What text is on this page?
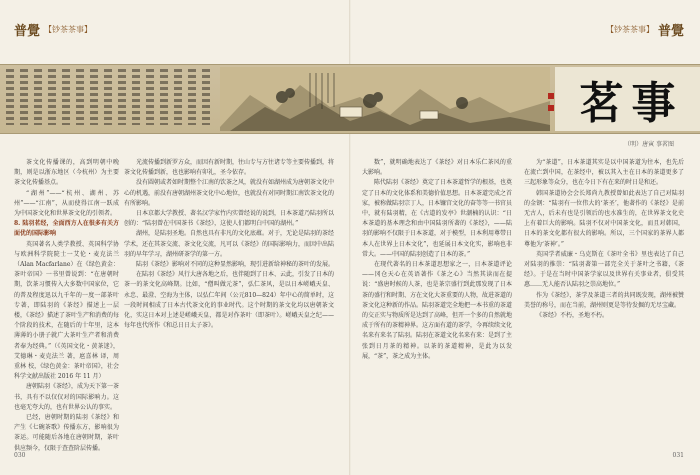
普覺 【钞茶茶事】	【钞茶茶事】 普覺
茗 事
（明）唐寅 事茗图

茶文化传播课的，高到明朝中晚期，则是以浙东地区（今杭州）为主要茶文化传播基点。

“湖州”——“杭州、湖州、苏州”——“江南”，从而使得江南一跃成为中国茶文化和世界茶文化的引领者。

8. 陆羽茗经，全面西方人在很多有关方面优的国际影响

英国著名人类学教授、英国科学协与欧洲科学院院士一艾伦・麦克法兰（Alan Macfarlane）在《绿色黄金：茶叶帝国》一书里曾说到：“在唐朝时期，饮茶习惯传入大多数中国家位，它的普及程度迅以九千年的一度一部茶叶专著，即陆羽的《茶经》描述上一层楼，《茶经》描述了茶叶生产和消费的每个阶段的技术，在随后的十年里，这本薄薄的小册子就广大茶叶生产者和消费者奉为经典。”（《英国文化・黄茶迷》，艾德琳・麦克法兰 著，扈喜林 译，周重林 校，《绿色黄金：茶叶帝国》，社会科学文献出版社 2016 年 11 月）

唐朝陆羽《茶经》，成为天下第一茶书，具有不以仅仅对的国际影响力。这也毫无夸大的，也有世界公认的事实。

已经，唐朝时期的陆羽《茶经》和产生《七碗茶歌》传播东方，影响很为茶运。可能随后各地在唐朝时期，茶叶供应频今，仅限于查查阶层传播。

光流传播到新罗方众，而因有新时期，往山专与方往诸专等主要传播到，将茶文化传播到新，也也影响有卯礼，圣今依存。

没有圆朝或者如时期整个江南的饮茶之风，就没有如湖州成为唐朝茶文化中心的机遇，前没有唐朝湖州茶文化中心地位，也就没有对同时期江南饮茶文化的有所影响。

日本京都大学教授、著名汉学家竹内实曾经说的说到，日本茶道乃陆羽所以创的：“陆羽曾在中国茶书《茶经》，这使人们都明白中国的湖州。”

湖州，是陆羽圣地。自然也具有非凡的文化底蕴。对于，无论是陆羽的茶经学术，还在其茶交流、茶文化交流，凡可以《茶经》的国际影响力，而因中出陆羽的早年学习，湖州研茶学的第一方。

陆羽《茶经》影响对不同的这种显然影响，现引进新给神秘的茶叶的发展。

在陆羽《茶经》风行大唐各地之后，也伴随到了日本、云此，引发了日本的茶一的茶文化高峰期。比如，“僧叫做元茶”，弘仁茶风，是以日本嵯峨天皇、永忠、最澄、空海为主体，以弘仁年间（公元810—824）年中心的简单时，这一段时间相成了日本古代茶文化的事业时代。这个时期的茶文化均以唐朝茶文化，实这日本对上述是嵯峨天皇，都是对作茶叶（即茶叶）。嵯峨天皇之纪——每年也代所作《和总日日太子茶》。

数”，就明确地表达了《茶经》对日本乐仁茶风的重大影响。

陈代陆羽《茶经》奠定了日本茶道哲学的根基，也奠定了日本的文化体系和美德价值思想。日本茶道完成之首家，被称做陆羽宗丁人，日本镰宫文化的奋等等一书官员中，就有陆羽精，在《古道的发亭》世潮楠的认识：“日本茶道的基本理念和由中国陆羽所著的《茶经》，——陆羽的影响不仅限于日本茶道，对于模型，日本利用尊带日本人在世界上日本文化”，也延展日本文化实，影响也非常大。——中国的陆羽创造了日本的茶。”

在现代著名的日本茶道思想家之一，日本茶道评论——冈仓天心在英语著作《茶之心》当然其读而在提说：“盛唐时候的人茶，也是茶宗盛行到此那发现了日本茶的盛行和时期、方在文化大茶重要的人物，故进茶道的茶文化这种新的作品。陆羽茶道完全地把一本书重的茶道的交正实与物质所是达到了高峰，但开一个多的自然就地成于所有的茶精神界。这方面有道的茶学，今再续续文化名来有来名了陆羽。陆羽在茶道文化名来有来：是到了主张到日月茶的精神。以茶的茶道精神，是此为以发展，“茶”，茶之成为主体。

为“茶道”，日本茶道其实是以中国茶道为往本，也先后在流亡到中国，在茶经中，被以其入主在日本的茶道更多了三起形象等众分，也在今日下有在来的时日是和还。

韩国茶道协会会长郑尚九教授曾如此表达了自己对陆羽的金钢：“陆羽有一位伟大的‘茶圣’，他著作的《茶经》是前无古人，后未有也是引领后的也水准生的，在世界茶文化史上有着巨大的影响。陆羽不仅对中国茶文化，而且对韩国，日本的茶文化都有很大的影响。所以，三个国家的茶界人都尊他为‘茶神’。”

英国学者威廉・乌克斯在《茶叶全书》里也表达了自己对陆羽的推崇：“陆羽著第一部完全关于茶叶之书籍，《茶经》。于是在当时中国茶学家以及世界有关事业者，俱受其惠……无人能否认陆羽之崇高地位。”

作为《茶经》，茶学及茶道三者的共同既发现，湖州被赞美誉的称号，而在当前，湖州则更是等待发掘的无尽宝藏。

《茶经》不朽，圣地不朽。

030	031
